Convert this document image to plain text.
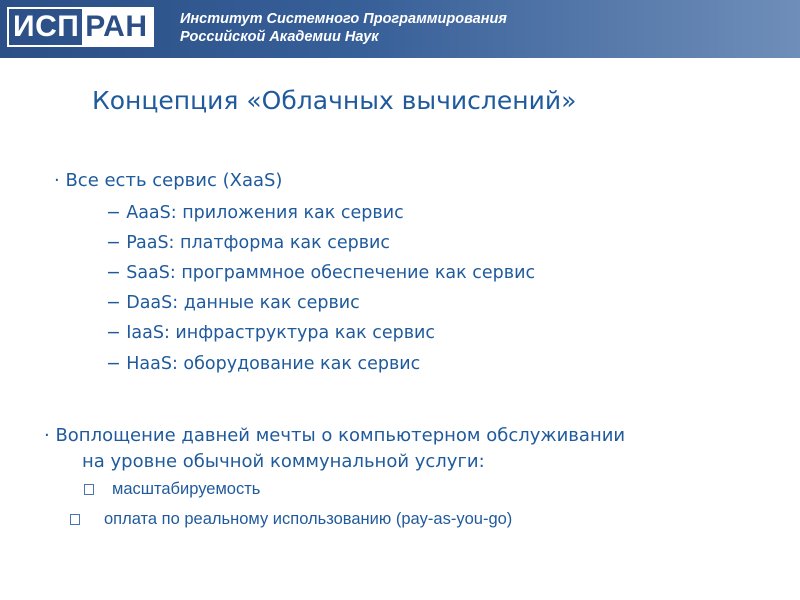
ИСП РАН Институт Системного Программирования
Российской Академии Наук
Концепция «Облачных вычислений»
· Все есть сервис (XaaS)
− AaaS: приложения как сервис
− PaaS: платформа как сервис
− SaaS: программное обеспечение как сервис
− DaaS: данные как сервис
− IaaS: инфраструктура как сервис
− HaaS: оборудование как сервис
· Воплощение давней мечты о компьютерном обслуживании
на уровне обычной коммунальной услуги:
масштабируемость
оплата по реальному использованию (pay-as-you-go)
